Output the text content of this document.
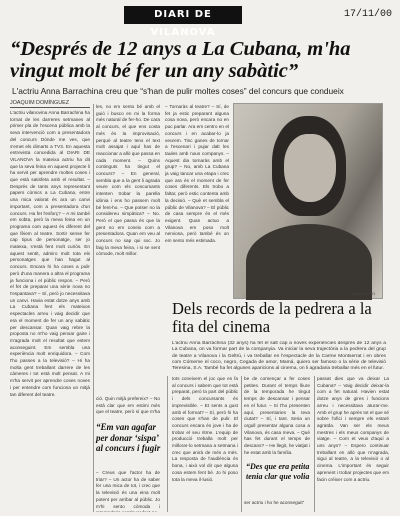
DIARI DE VILANOVA
17/11/00
“Després de 12 anys a La Cubana, m'ha vingut molt bé fer un any sabàtic”
L'actriu Anna Barrachina creu que “s'han de pulir moltes coses” del concurs que condueix
JOAQUIM DOMÍNGUEZ
L'actriu vilanovina Anna Barrachina ha tornat de les darreres setmanes al primer pla de l'escena pública amb la seva intervenció com a presentadora del concurs Dónde me ves, que s'emet els dimarts a TV3. En aquesta entrevista concedida al DIARI DE VILANOVA la mateixa actriu ha dit que la seva feina en aquest projecte li ha servit per aprendre moltes coses i que està satisfeta amb el resultat. – Després de tants anys representant papers còmics a La Cubana, entre una mica valorat és ara un canvi important, com a presentadora d'un concurs. Ha fet l'esforç? – A mi també em sobta, però la meva feina en un programa com aquest és diferent del que fèiem al teatre. Sortir sense fer cap tipus de personatge, ser jo mateixa, s'està fent molt curiós. En aquest sentit, admiro molt tota els personatges que han hagut al concurs. Encara hi ha coses a pulir però d'una manera o altra el programa ja funciona i el públic respon. – Però el fet de preparar una sèrie nova no t'espantava? – Sí, però jo necessitava un canvi. Havia estat dotze anys amb La Cubana fent els mateixos espectacles arreu i vaig decidir que era el moment de fer un any sabàtic per descansar. Quan vaig rebre la proposta no m'ho vaig pensar gaire i m'agrada molt el resultat que estem aconseguint. Em sembla una experiència molt enriquidora. – Com t'ho passes a la televisió? – Hi ha molta gent treballant darrere de les càmeres i tot està molt pensat. A mi m'ha servit per aprendre coses noves i per entendre com funciona un mitjà tan diferent del teatre.
les, no em sento bé amb el guió i busco en mi la forma més natural de fer-ho. De cara al concurs, el que ens costa més és la improvisació, perquè al teatre tens el text molt assajat i aquí has de reaccionar a allò que passa en cada moment. – Quins continguts ha tingut el concurs? – En general, sembla que a la gent li agrada veure com els concursants intenten trobar la parella idònia i ens ho passem molt bé fent-ho. – Que potser no la considereu simpàtica? – No. Però el que passa és que la gent no em coneix com a presentadora. Quan em veu al concurs no sap qui soc. Jo faig la meva feina, i si se sent còmode, molt millor.
– Tornaràs al teatre? – Sí, de fet ja estic preparant alguna cosa nova, però encara no en puc parlar. Ara em centro en el concurs i en acabar-lo ja veurem. Tinc ganes de tornar a l'escenari i pujar dalt les taules amb nous companys. – Aquest dia tornaràs amb el grup? – No, amb La Cubana ja vaig tancar una etapa i crec que ara és el moment de fer coses diferents. Els trobo a faltar, però estic contenta amb la decisió. – Què et sembla el públic de Vilanova? – El públic de casa sempre és el més exigent. Quan actuo a Vilanova em poso molt nerviosa, però també és on em sento més estimada.
JOANA ROIG
Dels records de la pedrera a la fita del cinema
L'actriu Anna Barrachina (32 anys) ha fet el salt cap a noves experiències després de 12 anys a La Cubana, on va formar part de la companyia. Va iniciar la seva trajectòria a la pedrera del grup de teatre a Vilanova i la Geltrú, i va treballar en l'espectacle de la Carme Montserrat i en obres com Cómeme el coco, negro, Cegada de amor, Mamá, quiero ser famoso o la sèrie de televisió Teresina, S.A. També ha fet algunes aparicions al cinema, on li agradaria treballar més en el futur.
ció. Quin mitjà prefereix? – No està clar que em estimi més que el teatre, però sí que m'ha
“Em van agafar per donar ‘sispa’ al concurs i fugir
– Creus que l'actor ha de triar? – Un actor ha de saber fer una mica de tot, i crec que la televisió és una eina molt potent per arribar al públic. Jo m'hi sento còmoda i
tots coneixem el joc que es fa al concurs i sabem que tot està preparat, però la part del públic i dels concursants és imprevisible. – Et sents a gust amb el format? – Sí, però hi ha coses que s'han de pulir. El concurs encara és jove i ha de trobar el seu ritme. L'equip de producció treballa molt per millorar-lo setmana a setmana i crec que anirà de més a més. La resposta de l'audiència és bona, i això vol dir que alguna cosa estem fent bé. Jo hi poso tota la meva il·lusió.
be de començar a fer coses petites. Durant el temps lliure de la temporada he tingut temps de descansar i pensar en el futur. – Si t'ho presenten aquí, presentaries la teva ciutat? – Sí, i tant. Seria un orgull presentar alguna cosa a Vilanova, és casa meva. – Què has fet durant el temps de descans? – He llegit, he viatjat i he estat amb la família.
“Des que era petita tenia clar que volia
ser actriu i ho he aconseguit”
passat dies que va deixar La Cubana? – Vaig decidir deixar-la com a fet natural. Havien estat dotze anys de gires i funcions arreu i necessitava aturar-me. Amb el grup he après tot el que sé sobre l'ofici i sempre els estaré agraïda. Van ser els meus mestres i els meus companys de viatge. – Com et veus d'aquí a uns anys? – Espero continuar treballant en allò que m'agrada, sigui al teatre, a la televisió o al cinema. L'important és seguir aprenent i trobar projectes que em facin créixer com a actriu.
